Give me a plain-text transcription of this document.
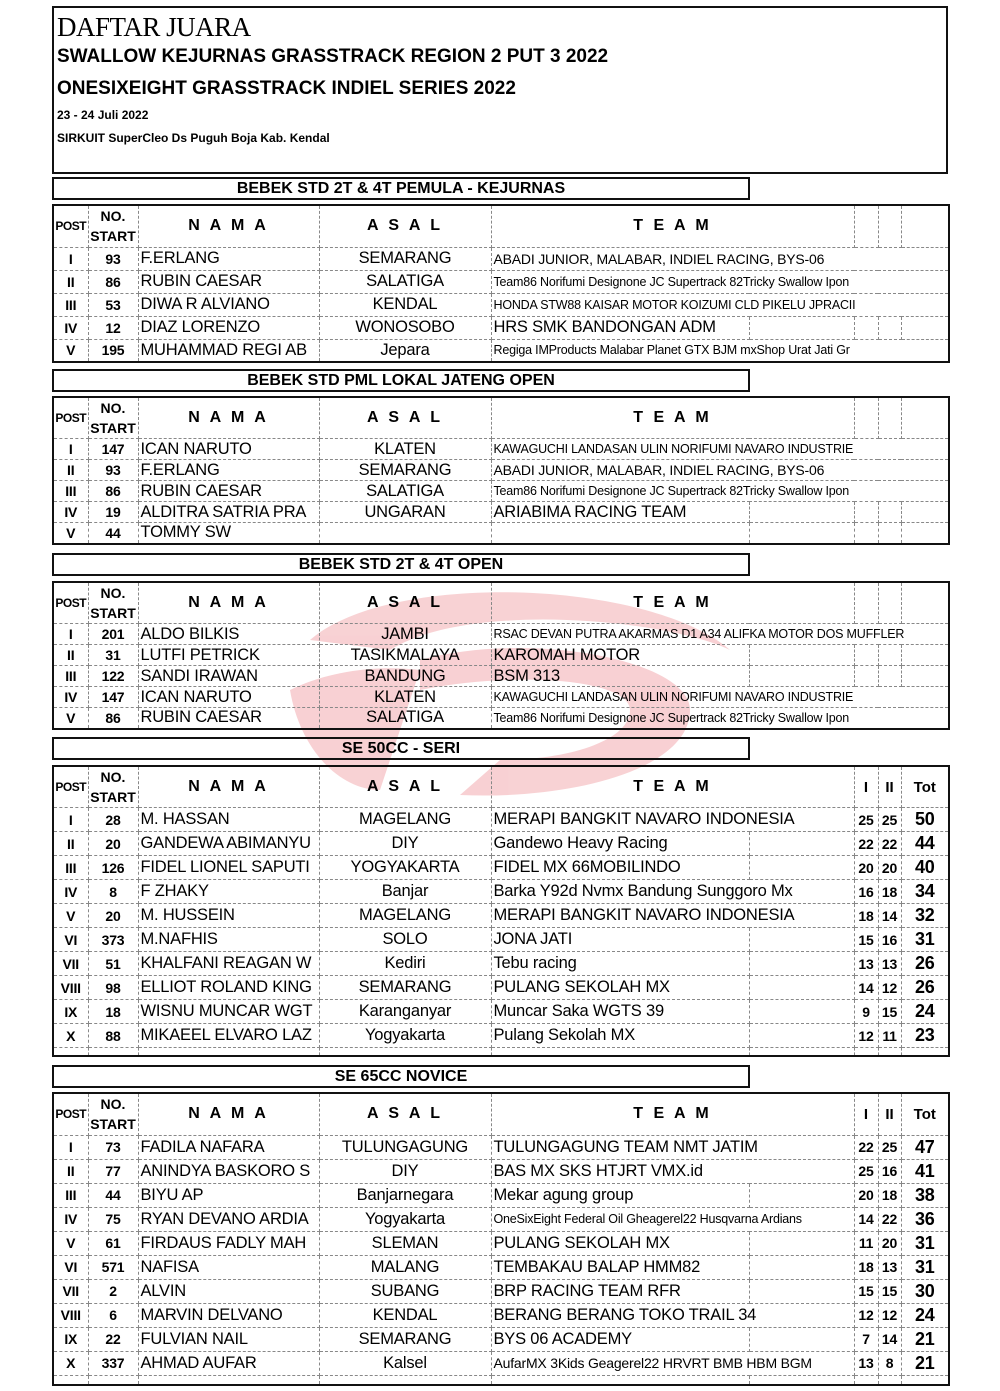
DAFTAR JUARA
SWALLOW KEJURNAS GRASSTRACK REGION 2 PUT 3 2022
ONESIXEIGHT GRASSTRACK INDIEL SERIES 2022
23 - 24 Juli 2022
SIRKUIT SuperCleo Ds Puguh Boja Kab. Kendal
BEBEK STD 2T & 4T PEMULA - KEJURNAS
POST	NO.
START	N A M A	A S A L	T E A M				
I	93	F.ERLANG	SEMARANG	ABADI JUNIOR, MALABAR, INDIEL RACING, BYS-06				
II	86	RUBIN CAESAR	SALATIGA	Team86 Norifumi Designone JC Supertrack 82Tricky Swallow Ipon				
III	53	DIWA R ALVIANO	KENDAL	HONDA STW88 KAISAR MOTOR KOIZUMI CLD PIKELU JPRACII				
IV	12	DIAZ LORENZO	WONOSOBO	HRS SMK BANDONGAN ADM				
V	195	MUHAMMAD REGI AB	Jepara	Regiga IMProducts Malabar Planet GTX BJM mxShop Urat Jati Gr				
BEBEK STD PML LOKAL JATENG OPEN
POST	NO.
START	N A M A	A S A L	T E A M				
I	147	ICAN NARUTO	KLATEN	KAWAGUCHI LANDASAN ULIN NORIFUMI NAVARO INDUSTRIE				
II	93	F.ERLANG	SEMARANG	ABADI JUNIOR, MALABAR, INDIEL RACING, BYS-06				
III	86	RUBIN CAESAR	SALATIGA	Team86 Norifumi Designone JC Supertrack 82Tricky Swallow Ipon				
IV	19	ALDITRA SATRIA PRA	UNGARAN	ARIABIMA RACING TEAM				
V	44	TOMMY SW						
BEBEK STD 2T & 4T OPEN
POST	NO.
START	N A M A	A S A L	T E A M				
I	201	ALDO BILKIS	JAMBI	RSAC DEVAN PUTRA AKARMAS D1 A34 ALIFKA MOTOR DOS MUFFLER				
II	31	LUTFI PETRICK	TASIKMALAYA	KAROMAH MOTOR				
III	122	SANDI IRAWAN	BANDUNG	BSM 313				
IV	147	ICAN NARUTO	KLATEN	KAWAGUCHI LANDASAN ULIN NORIFUMI NAVARO INDUSTRIE				
V	86	RUBIN CAESAR	SALATIGA	Team86 Norifumi Designone JC Supertrack 82Tricky Swallow Ipon				
SE 50CC - SERI
POST	NO.
START	N A M A	A S A L	T E A M		I	II	Tot
I	28	M. HASSAN	MAGELANG	MERAPI BANGKIT NAVARO INDONESIA		25	25	50
II	20	GANDEWA ABIMANYU	DIY	Gandewo Heavy Racing		22	22	44
III	126	FIDEL LIONEL SAPUTI	YOGYAKARTA	FIDEL MX 66MOBILINDO		20	20	40
IV	8	F ZHAKY	Banjar	Barka Y92d Nvmx Bandung Sunggoro Mx		16	18	34
V	20	M. HUSSEIN	MAGELANG	MERAPI BANGKIT NAVARO INDONESIA		18	14	32
VI	373	M.NAFHIS	SOLO	JONA JATI		15	16	31
VII	51	KHALFANI REAGAN W	Kediri	Tebu racing		13	13	26
VIII	98	ELLIOT ROLAND KING	SEMARANG	PULANG SEKOLAH MX		14	12	26
IX	18	WISNU MUNCAR WGT	Karanganyar	Muncar Saka WGTS 39		9	15	24
X	88	MIKAEEL ELVARO LAZ	Yogyakarta	Pulang Sekolah MX		12	11	23

SE 65CC NOVICE
POST	NO.
START	N A M A	A S A L	T E A M		I	II	Tot
I	73	FADILA NAFARA	TULUNGAGUNG	TULUNGAGUNG TEAM NMT JATIM		22	25	47
II	77	ANINDYA BASKORO S	DIY	BAS MX SKS HTJRT VMX.id		25	16	41
III	44	BIYU AP	Banjarnegara	Mekar agung group		20	18	38
IV	75	RYAN DEVANO ARDIA	Yogyakarta	OneSixEight Federal Oil Gheagerel22 Husqvarna Ardians		14	22	36
V	61	FIRDAUS FADLY MAH	SLEMAN	PULANG SEKOLAH MX		11	20	31
VI	571	NAFISA	MALANG	TEMBAKAU BALAP HMM82		18	13	31
VII	2	ALVIN	SUBANG	BRP RACING TEAM RFR		15	15	30
VIII	6	MARVIN DELVANO	KENDAL	BERANG BERANG TOKO TRAIL 34		12	12	24
IX	22	FULVIAN NAIL	SEMARANG	BYS 06 ACADEMY		7	14	21
X	337	AHMAD AUFAR	Kalsel	AufarMX 3Kids Geagerel22 HRVRT BMB HBM BGM		13	8	21
